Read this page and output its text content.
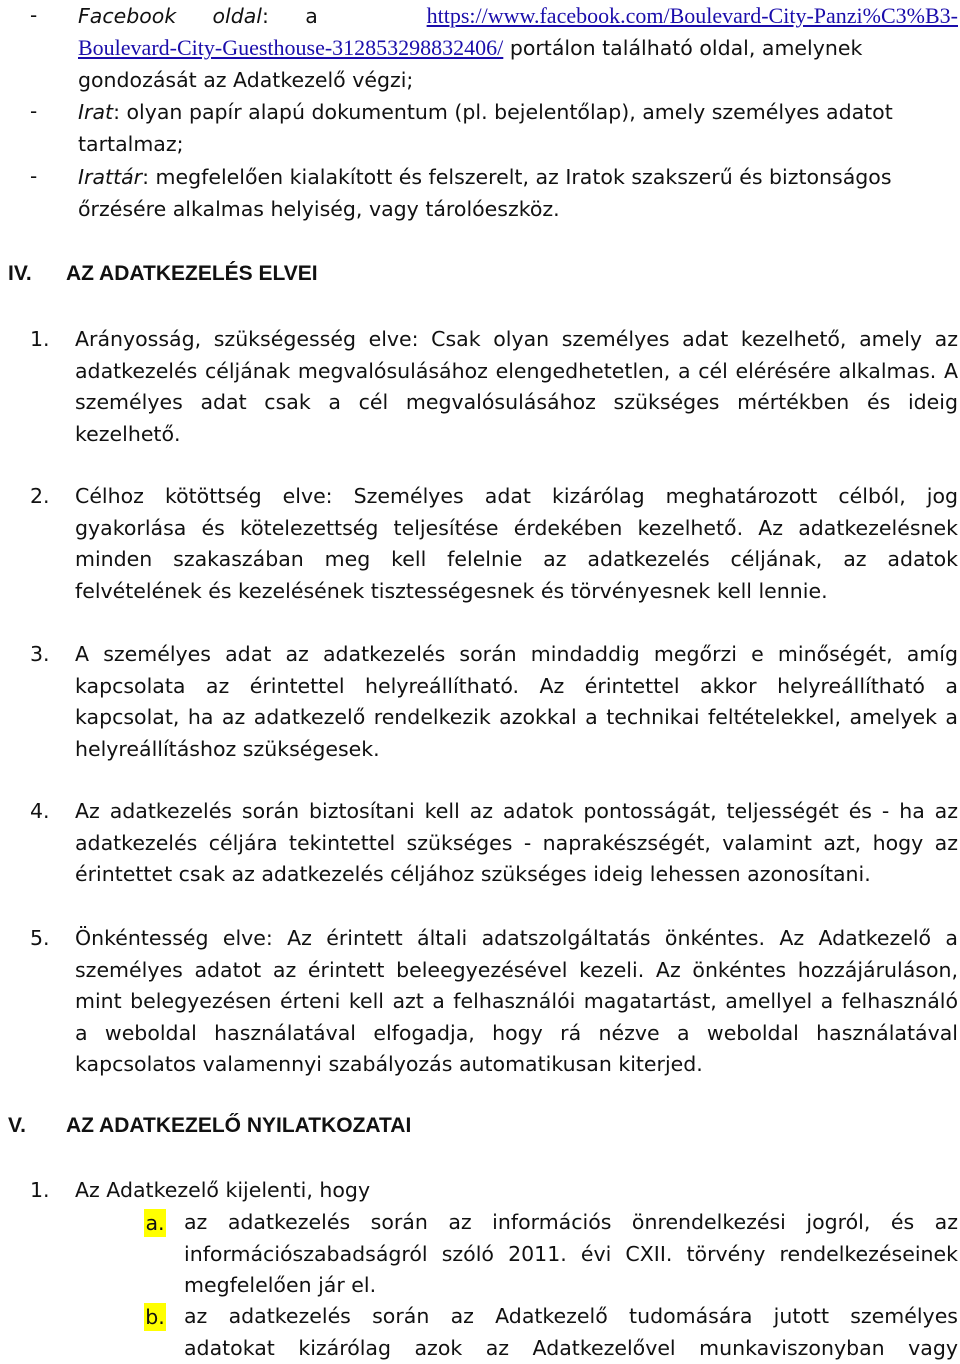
- Facebook oldal: a	https://www.facebook.com/Boulevard-City-Panzi%C3%B3-
Boulevard-City-Guesthouse-312853298832406/ portálon található oldal, amelynek
gondozását az Adatkezelő végzi;
- Irat: olyan papír alapú dokumentum (pl. bejelentőlap), amely személyes adatot
tartalmaz;
- Irattár: megfelelően kialakított és felszerelt, az Iratok szakszerű és biztonságos
őrzésére alkalmas helyiség, vagy tárolóeszköz.
IV. AZ ADATKEZELÉS ELVEI
1. Arányosság, szükségesség elve: Csak olyan személyes adat kezelhető, amely az
adatkezelés céljának megvalósulásához elengedhetetlen, a cél elérésére alkalmas. A
személyes adat csak a cél megvalósulásához szükséges mértékben és ideig
kezelhető.
2. Célhoz kötöttség elve: Személyes adat kizárólag meghatározott célból, jog
gyakorlása és kötelezettség teljesítése érdekében kezelhető. Az adatkezelésnek
minden szakaszában meg kell felelnie az adatkezelés céljának, az adatok
felvételének és kezelésének tisztességesnek és törvényesnek kell lennie.
3. A személyes adat az adatkezelés során mindaddig megőrzi e minőségét, amíg
kapcsolata az érintettel helyreállítható. Az érintettel akkor helyreállítható a
kapcsolat, ha az adatkezelő rendelkezik azokkal a technikai feltételekkel, amelyek a
helyreállításhoz szükségesek.
4. Az adatkezelés során biztosítani kell az adatok pontosságát, teljességét és - ha az
adatkezelés céljára tekintettel szükséges - naprakészségét, valamint azt, hogy az
érintettet csak az adatkezelés céljához szükséges ideig lehessen azonosítani.
5. Önkéntesség elve: Az érintett általi adatszolgáltatás önkéntes. Az Adatkezelő a
személyes adatot az érintett beleegyezésével kezeli. Az önkéntes hozzájáruláson,
mint belegyezésen érteni kell azt a felhasználói magatartást, amellyel a felhasználó
a weboldal használatával elfogadja, hogy rá nézve a weboldal használatával
kapcsolatos valamennyi szabályozás automatikusan kiterjed.
V. AZ ADATKEZELŐ NYILATKOZATAI
1. Az Adatkezelő kijelenti, hogy
a. az adatkezelés során az információs önrendelkezési jogról, és az
információszabadságról szóló 2011. évi CXII. törvény rendelkezéseinek
megfelelően jár el.
b. az adatkezelés során az Adatkezelő tudomására jutott személyes
adatokat kizárólag azok az Adatkezelővel munkaviszonyban vagy
